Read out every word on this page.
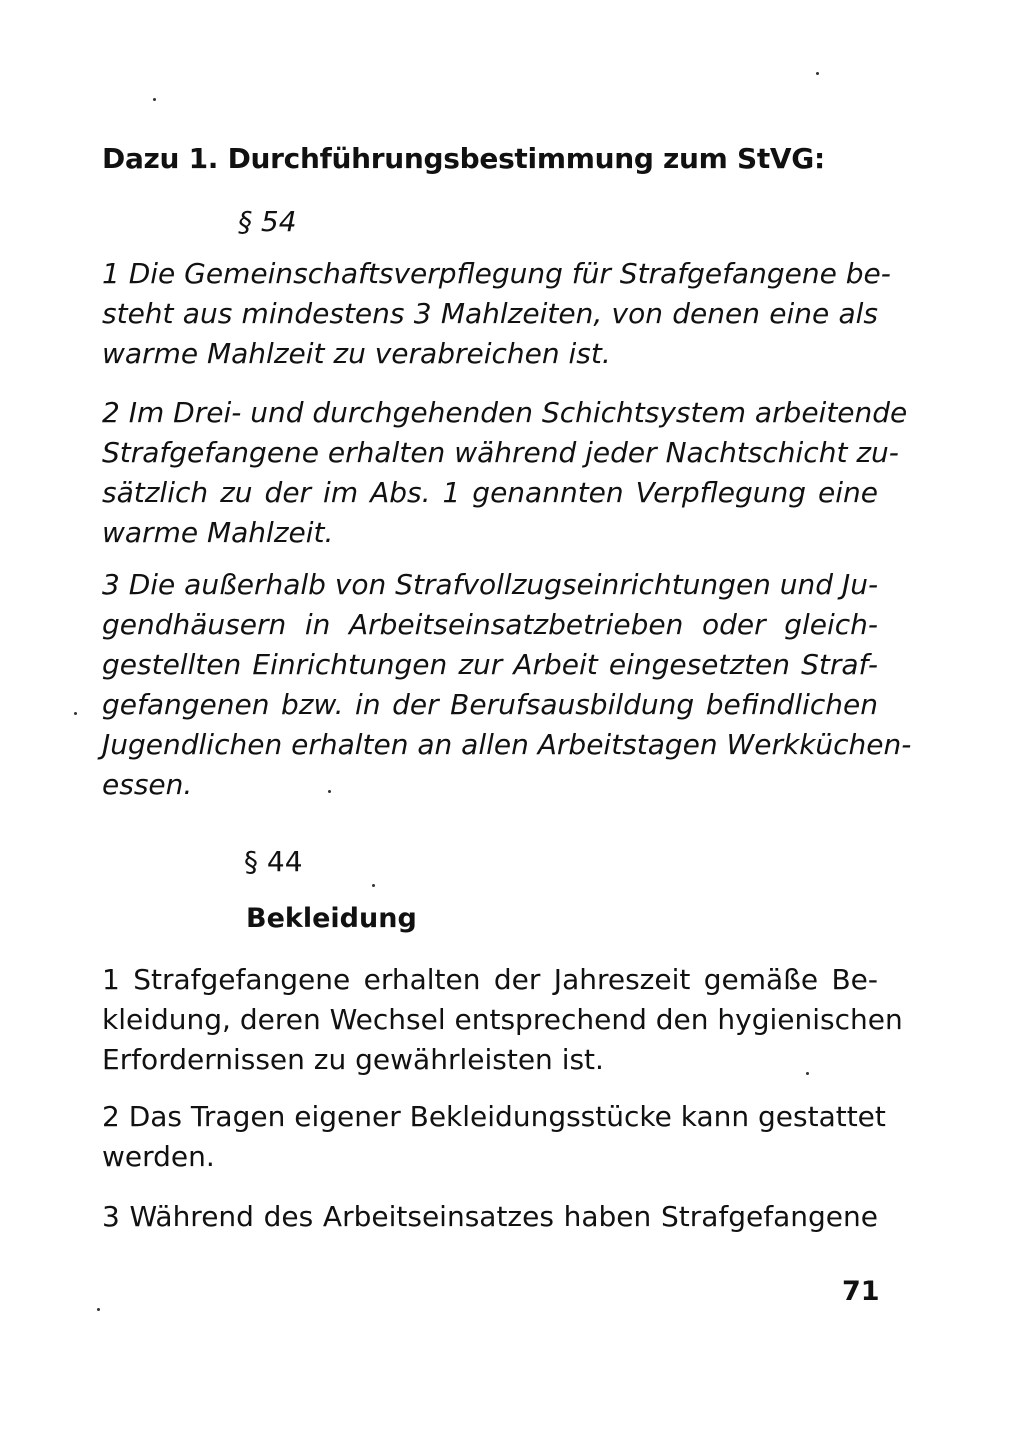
Dazu 1. Durchführungsbestimmung zum StVG:
§ 54
1 Die Gemeinschaftsverpflegung für Strafgefangene be-
steht aus mindestens 3 Mahlzeiten, von denen eine als
warme Mahlzeit zu verabreichen ist.
2 Im Drei- und durchgehenden Schichtsystem arbeitende
Strafgefangene erhalten während jeder Nachtschicht zu-
sätzlich zu der im Abs. 1 genannten Verpflegung eine
warme Mahlzeit.
3 Die außerhalb von Strafvollzugseinrichtungen und Ju-
gendhäusern in Arbeitseinsatzbetrieben oder gleich-
gestellten Einrichtungen zur Arbeit eingesetzten Straf-
gefangenen bzw. in der Berufsausbildung befindlichen
Jugendlichen erhalten an allen Arbeitstagen Werkküchen-
essen.
§ 44
Bekleidung
1 Strafgefangene erhalten der Jahreszeit gemäße Be-
kleidung, deren Wechsel entsprechend den hygienischen
Erfordernissen zu gewährleisten ist.
2 Das Tragen eigener Bekleidungsstücke kann gestattet
werden.
3 Während des Arbeitseinsatzes haben Strafgefangene
71
